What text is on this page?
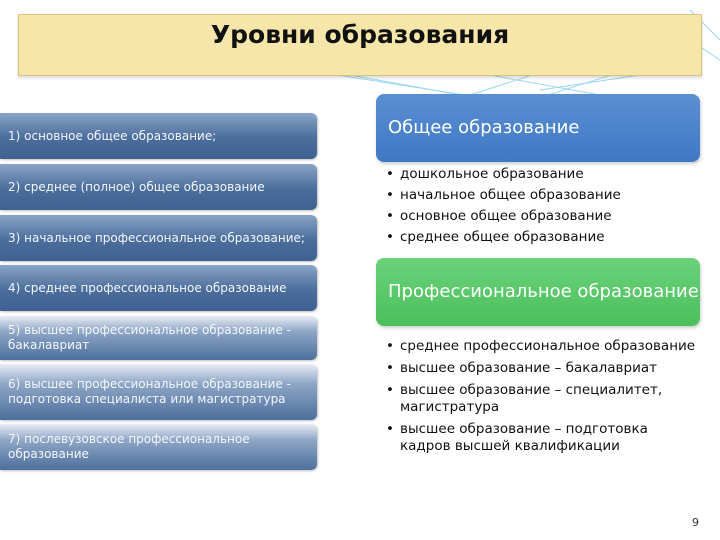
Уровни образования
1) основное общее образование;
2) среднее (полное) общее образование
3) начальное профессиональное образование;
4) среднее профессиональное образование
5) высшее профессиональное образование - бакалавриат
6) высшее профессиональное образование - подготовка специалиста или магистратура
7) послевузовское профессиональное образование
Общее образование
• дошкольное образование
• начальное общее образование
• основное общее образование
• среднее общее образование
Профессиональное образование
• среднее профессиональное образование
• высшее образование – бакалавриат
• высшее образование – специалитет, магистратура
• высшее образование – подготовка кадров высшей квалификации
9
